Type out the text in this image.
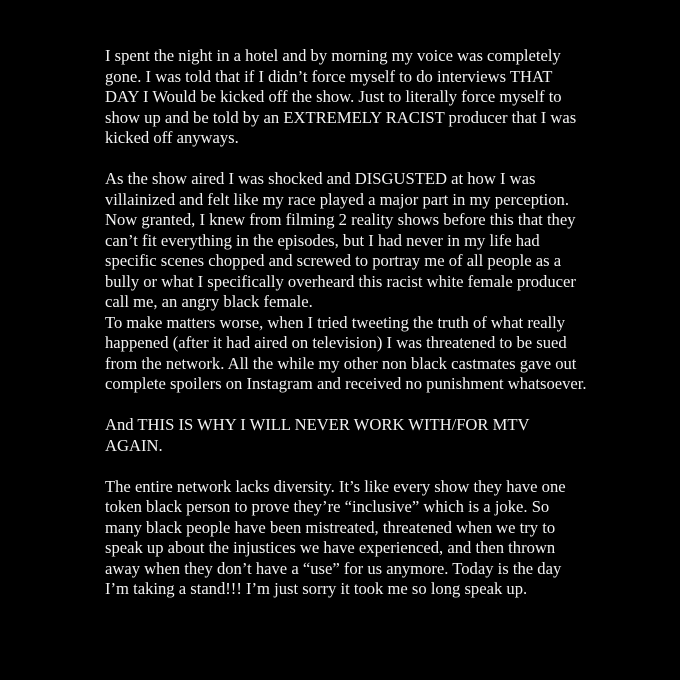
I spent the night in a hotel and by morning my voice was completely gone. I was told that if I didn’t force myself to do interviews THAT DAY I Would be kicked off the show. Just to literally force myself to show up and be told by an EXTREMELY RACIST producer that I was kicked off anyways.

As the show aired I was shocked and DISGUSTED at how I was villainized and felt like my race played a major part in my perception. Now granted, I knew from filming 2 reality shows before this that they can’t fit everything in the episodes, but I had never in my life had specific scenes chopped and screwed to portray me of all people as a bully or what I specifically overheard this racist white female producer call me, an angry black female.

To make matters worse, when I tried tweeting the truth of what really happened (after it had aired on television) I was threatened to be sued from the network. All the while my other non black castmates gave out complete spoilers on Instagram and received no punishment whatsoever.

And THIS IS WHY I WILL NEVER WORK WITH/FOR MTV AGAIN.

The entire network lacks diversity. It’s like every show they have one token black person to prove they’re “inclusive” which is a joke. So many black people have been mistreated, threatened when we try to speak up about the injustices we have experienced, and then thrown away when they don’t have a “use” for us anymore. Today is the day I’m taking a stand!!! I’m just sorry it took me so long speak up.
